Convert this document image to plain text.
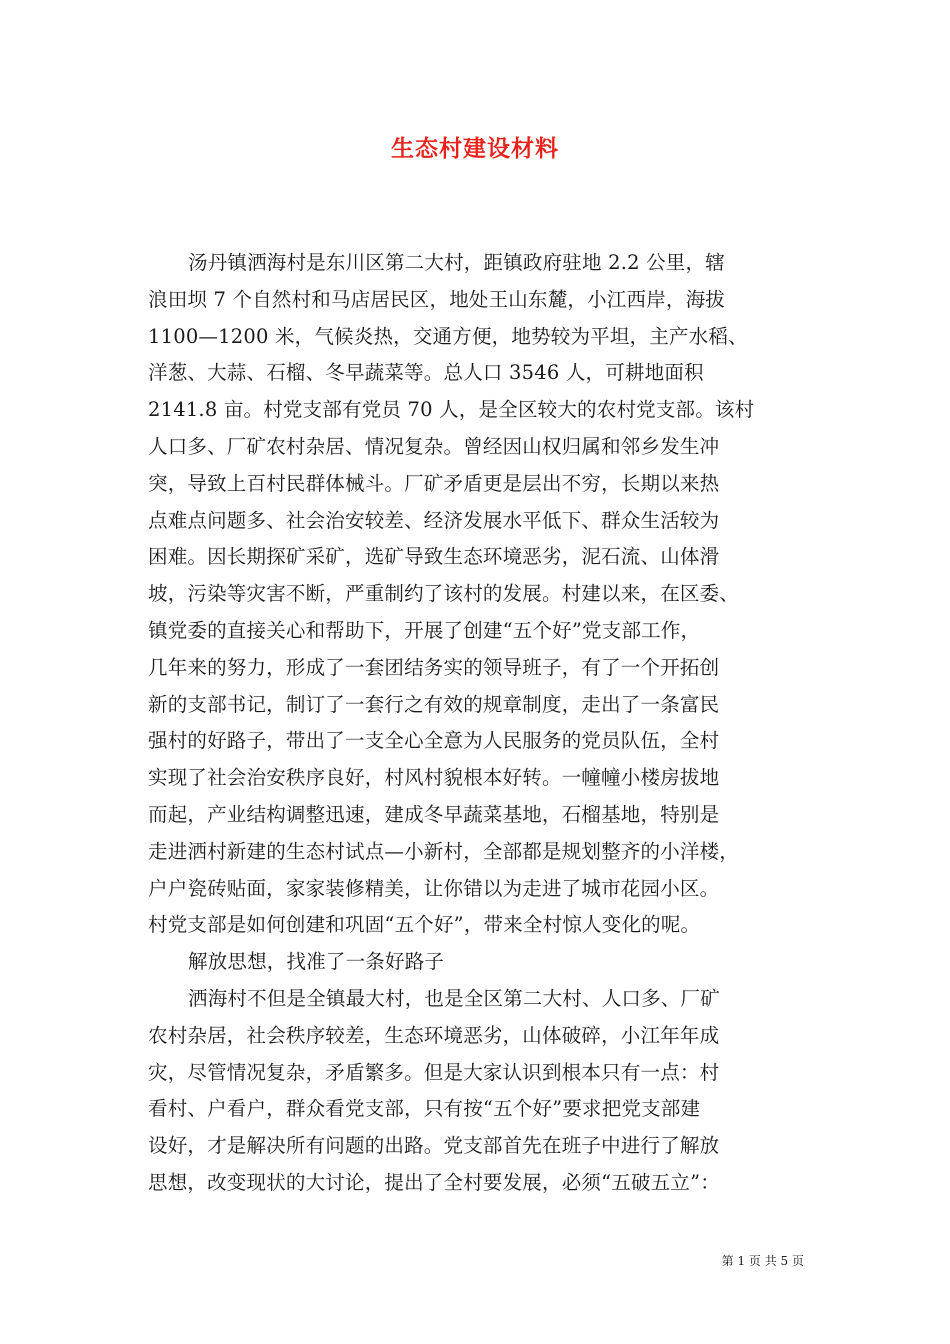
生态村建设材料
汤丹镇洒海村是东川区第二大村，距镇政府驻地 2.2 公里，辖
浪田坝 7 个自然村和马店居民区，地处王山东麓，小江西岸，海拔
1100—1200 米，气候炎热，交通方便，地势较为平坦，主产水稻、
洋葱、大蒜、石榴、冬早蔬菜等。总人口 3546 人，可耕地面积
2141.8 亩。村党支部有党员 70 人，是全区较大的农村党支部。该村
人口多、厂矿农村杂居、情况复杂。曾经因山权归属和邻乡发生冲
突，导致上百村民群体械斗。厂矿矛盾更是层出不穷，长期以来热
点难点问题多、社会治安较差、经济发展水平低下、群众生活较为
困难。因长期探矿采矿，选矿导致生态环境恶劣，泥石流、山体滑
坡，污染等灾害不断，严重制约了该村的发展。村建以来，在区委、
镇党委的直接关心和帮助下，开展了创建“五个好”党支部工作，
几年来的努力，形成了一套团结务实的领导班子，有了一个开拓创
新的支部书记，制订了一套行之有效的规章制度，走出了一条富民
强村的好路子，带出了一支全心全意为人民服务的党员队伍，全村
实现了社会治安秩序良好，村风村貌根本好转。一幢幢小楼房拔地
而起，产业结构调整迅速，建成冬早蔬菜基地，石榴基地，特别是
走进洒村新建的生态村试点—小新村，全部都是规划整齐的小洋楼，
户户瓷砖贴面，家家装修精美，让你错以为走进了城市花园小区。
村党支部是如何创建和巩固“五个好”，带来全村惊人变化的呢。
解放思想，找准了一条好路子
洒海村不但是全镇最大村，也是全区第二大村、人口多、厂矿
农村杂居，社会秩序较差，生态环境恶劣，山体破碎，小江年年成
灾，尽管情况复杂，矛盾繁多。但是大家认识到根本只有一点：村
看村、户看户，群众看党支部，只有按“五个好”要求把党支部建
设好，才是解决所有问题的出路。党支部首先在班子中进行了解放
思想，改变现状的大讨论，提出了全村要发展，必须“五破五立”：
第 1 页 共 5 页
